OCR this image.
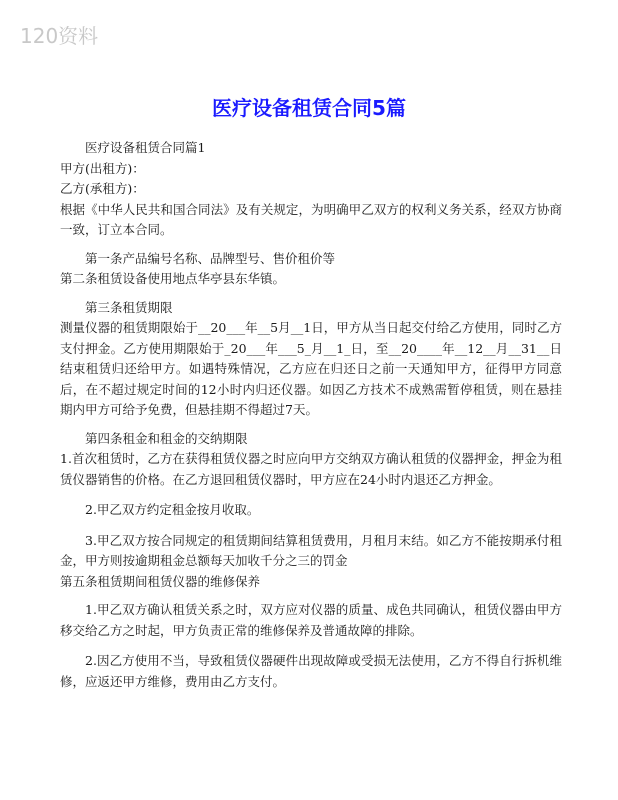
120资料
医疗设备租赁合同5篇

医疗设备租赁合同篇1

甲方(出租方)：

乙方(承租方)：

根据《中华人民共和国合同法》及有关规定，为明确甲乙双方的权利义务关系，经双方协商一致，订立本合同。

第一条产品编号名称、品牌型号、售价租价等

第二条租赁设备使用地点华亭县东华镇。

第三条租赁期限

测量仪器的租赁期限始于__20___年__5月__1日，甲方从当日起交付给乙方使用，同时乙方支付押金。乙方使用期限始于_20___年___5_月__1_日，至__20____年__12__月__31__日结束租赁归还给甲方。如遇特殊情况，乙方应在归还日之前一天通知甲方，征得甲方同意后，在不超过规定时间的12小时内归还仪器。如因乙方技术不成熟需暂停租赁，则在悬挂期内甲方可给予免费，但悬挂期不得超过7天。

第四条租金和租金的交纳期限

1.首次租赁时，乙方在获得租赁仪器之时应向甲方交纳双方确认租赁的仪器押金，押金为租赁仪器销售的价格。在乙方退回租赁仪器时，甲方应在24小时内退还乙方押金。

2.甲乙双方约定租金按月收取。

3.甲乙双方按合同规定的租赁期间结算租赁费用，月租月末结。如乙方不能按期承付租金，甲方则按逾期租金总额每天加收千分之三的罚金

第五条租赁期间租赁仪器的维修保养

1.甲乙双方确认租赁关系之时，双方应对仪器的质量、成色共同确认，租赁仪器由甲方移交给乙方之时起，甲方负责正常的维修保养及普通故障的排除。

2.因乙方使用不当，导致租赁仪器硬件出现故障或受损无法使用，乙方不得自行拆机维修，应返还甲方维修，费用由乙方支付。
